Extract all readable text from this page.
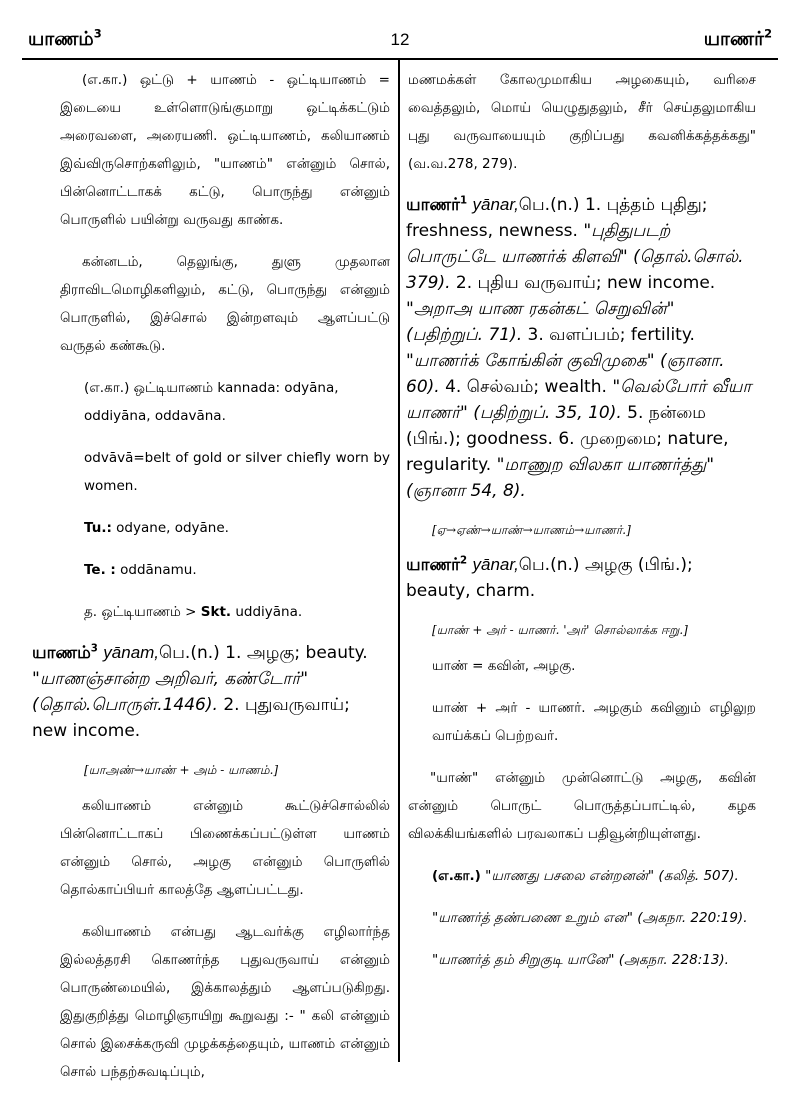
யாணம்$^3$	12	யாணர்$^2$

(எ.கா.) ஒட்டு + யாணம் - ஒட்டியாணம் = இடையை உள்ளொடுங்குமாறு ஒட்டிக்கட்டும் அரைவளை, அரையணி. ஒட்டியாணம், கலியாணம் இவ்விருசொற்களிலும், "யாணம்" என்னும் சொல், பின்னொட்டாகக் கட்டு, பொருந்து என்னும் பொருளில் பயின்று வருவது காண்க.

கன்னடம், தெலுங்கு, துளு முதலான திராவிடமொழிகளிலும், கட்டு, பொருந்து என்னும் பொருளில், இச்சொல் இன்றளவும் ஆளப்பட்டு வருதல் கண்கூடு.

(எ.கா.) ஒட்டியாணம் kannada: odyāna,
oddiyāna, oddavāna.

odvāvā=belt of gold or silver chiefly worn by women.

Tu.: odyane, odyāne.

Te. : oddānamu.

த. ஒட்டியாணம் > Skt. uddiyāna.

யாணம்$^3$ yānam,பெ.(n.) 1. அழகு; beauty. "யாணஞ்சான்ற அறிவர், கண்டோர்" (தொல்.பொருள்.1446). 2. புதுவருவாய்; new income.

[யாஅண்→யாண் + அம் - யாணம்.]

கலியாணம் என்னும் கூட்டுச்சொல்லில் பின்னொட்டாகப் பிணைக்கப்பட்டுள்ள யாணம் என்னும் சொல், அழகு என்னும் பொருளில் தொல்காப்பியர் காலத்தே ஆளப்பட்டது.

கலியாணம் என்பது ஆடவர்க்கு எழிலார்ந்த இல்லத்தரசி கொணர்ந்த புதுவருவாய் என்னும் பொருண்மையில், இக்காலத்தும் ஆளப்படுகிறது. இதுகுறித்து மொழிஞாயிறு கூறுவது :- " கலி என்னும் சொல் இசைக்கருவி முழக்கத்தையும், யாணம் என்னும் சொல் பந்தற்சுவடிப்பும்,

மணமக்கள் கோலமுமாகிய அழகையும், வரிசை வைத்தலும், மொய் யெழுதுதலும், சீர் செய்தலுமாகிய புது வருவாயையும் குறிப்பது கவனிக்கத்தக்கது" (வ.வ.278, 279).

யாணர்$^1$ yānar,பெ.(n.) 1. புத்தம் புதிது; freshness, newness. "புதிதுபடற் பொருட்டே யாணர்க் கிளவி" (தொல்.சொல். 379). 2. புதிய வருவாய்; new income. "அறாஅ யாண ரகன்கட் செறுவின்" (பதிற்றுப். 71). 3. வளப்பம்; fertility. "யாணர்க் கோங்கின் குவிமுகை" (ஞானா. 60). 4. செல்வம்; wealth. "வெல்போர் வீயா யாணர்" (பதிற்றுப். 35, 10). 5. நன்மை (பிங்.); goodness. 6. முறைமை; nature, regularity. "மாணுற விலகா யாணர்த்து" (ஞானா 54, 8).

[ஏ→ஏண்→யாண்→யாணம்→யாணர்.]

யாணர்$^2$ yānar,பெ.(n.) அழகு (பிங்.); beauty, charm.

[யாண் + அர் - யாணர். 'அர்' சொல்லாக்க ஈறு.]

யாண் = கவின், அழகு.

யாண் + அர் - யாணர். அழகும் கவினும் எழிலுற வாய்க்கப் பெற்றவர்.

"யாண்" என்னும் முன்னொட்டு அழகு, கவின் என்னும் பொருட் பொருத்தப்பாட்டில், கழக விலக்கியங்களில் பரவலாகப் பதிவூன்றியுள்ளது.

(எ.கா.) "யாணது பசலை என்றனன்" (கலித். 507).

"யாணர்த் தண்பணை உறும் என" (அகநா. 220:19).

"யாணர்த் தம் சிறுகுடி யானே" (அகநா. 228:13).
